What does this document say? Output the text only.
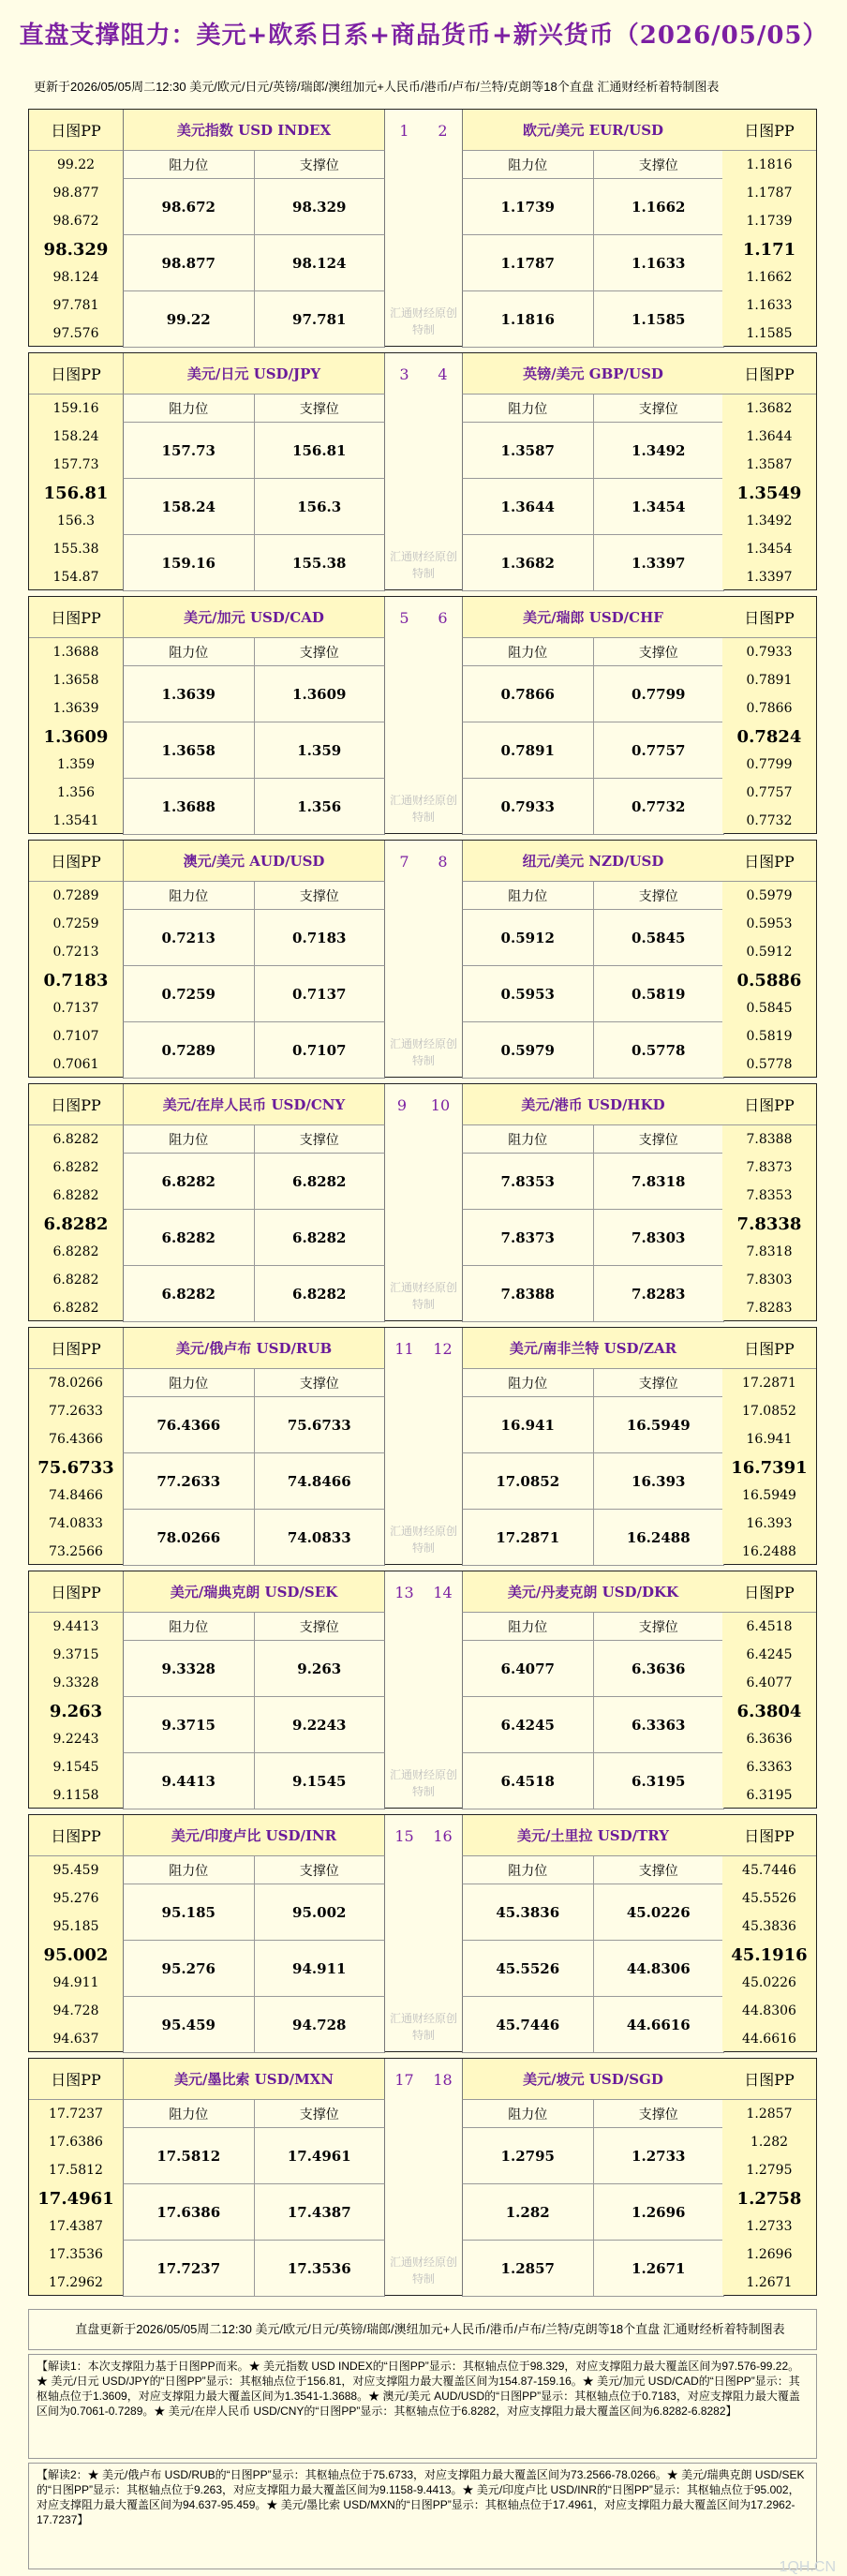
直盘支撑阻力：美元+欧系日系+商品货币+新兴货币（2026/05/05）
更新于2026/05/05周二12:30 美元/欧元/日元/英镑/瑞郎/澳纽加元+人民币/港币/卢布/兰特/克朗等18个直盘 汇通财经析着特制图表
日图PP
99.22
98.877
98.672
98.329
98.124
97.781
97.576
美元指数 USD INDEX
阻力位	支撑位
98.672	98.329
98.877	98.124
99.22	97.781
1 2
汇通财经原创特制
欧元/美元 EUR/USD
阻力位	支撑位
1.1739	1.1662
1.1787	1.1633
1.1816	1.1585
日图PP
1.1816
1.1787
1.1739
1.171
1.1662
1.1633
1.1585
日图PP
159.16
158.24
157.73
156.81
156.3
155.38
154.87
美元/日元 USD/JPY
阻力位	支撑位
157.73	156.81
158.24	156.3
159.16	155.38
3 4
汇通财经原创特制
英镑/美元 GBP/USD
阻力位	支撑位
1.3587	1.3492
1.3644	1.3454
1.3682	1.3397
日图PP
1.3682
1.3644
1.3587
1.3549
1.3492
1.3454
1.3397
日图PP
1.3688
1.3658
1.3639
1.3609
1.359
1.356
1.3541
美元/加元 USD/CAD
阻力位	支撑位
1.3639	1.3609
1.3658	1.359
1.3688	1.356
5 6
汇通财经原创特制
美元/瑞郎 USD/CHF
阻力位	支撑位
0.7866	0.7799
0.7891	0.7757
0.7933	0.7732
日图PP
0.7933
0.7891
0.7866
0.7824
0.7799
0.7757
0.7732
日图PP
0.7289
0.7259
0.7213
0.7183
0.7137
0.7107
0.7061
澳元/美元 AUD/USD
阻力位	支撑位
0.7213	0.7183
0.7259	0.7137
0.7289	0.7107
7 8
汇通财经原创特制
纽元/美元 NZD/USD
阻力位	支撑位
0.5912	0.5845
0.5953	0.5819
0.5979	0.5778
日图PP
0.5979
0.5953
0.5912
0.5886
0.5845
0.5819
0.5778
日图PP
6.8282
6.8282
6.8282
6.8282
6.8282
6.8282
6.8282
美元/在岸人民币 USD/CNY
阻力位	支撑位
6.8282	6.8282
6.8282	6.8282
6.8282	6.8282
9 10
汇通财经原创特制
美元/港币 USD/HKD
阻力位	支撑位
7.8353	7.8318
7.8373	7.8303
7.8388	7.8283
日图PP
7.8388
7.8373
7.8353
7.8338
7.8318
7.8303
7.8283
日图PP
78.0266
77.2633
76.4366
75.6733
74.8466
74.0833
73.2566
美元/俄卢布 USD/RUB
阻力位	支撑位
76.4366	75.6733
77.2633	74.8466
78.0266	74.0833
11 12
汇通财经原创特制
美元/南非兰特 USD/ZAR
阻力位	支撑位
16.941	16.5949
17.0852	16.393
17.2871	16.2488
日图PP
17.2871
17.0852
16.941
16.7391
16.5949
16.393
16.2488
日图PP
9.4413
9.3715
9.3328
9.263
9.2243
9.1545
9.1158
美元/瑞典克朗 USD/SEK
阻力位	支撑位
9.3328	9.263
9.3715	9.2243
9.4413	9.1545
13 14
汇通财经原创特制
美元/丹麦克朗 USD/DKK
阻力位	支撑位
6.4077	6.3636
6.4245	6.3363
6.4518	6.3195
日图PP
6.4518
6.4245
6.4077
6.3804
6.3636
6.3363
6.3195
日图PP
95.459
95.276
95.185
95.002
94.911
94.728
94.637
美元/印度卢比 USD/INR
阻力位	支撑位
95.185	95.002
95.276	94.911
95.459	94.728
15 16
汇通财经原创特制
美元/土里拉 USD/TRY
阻力位	支撑位
45.3836	45.0226
45.5526	44.8306
45.7446	44.6616
日图PP
45.7446
45.5526
45.3836
45.1916
45.0226
44.8306
44.6616
日图PP
17.7237
17.6386
17.5812
17.4961
17.4387
17.3536
17.2962
美元/墨比索 USD/MXN
阻力位	支撑位
17.5812	17.4961
17.6386	17.4387
17.7237	17.3536
17 18
汇通财经原创特制
美元/坡元 USD/SGD
阻力位	支撑位
1.2795	1.2733
1.282	1.2696
1.2857	1.2671
日图PP
1.2857
1.282
1.2795
1.2758
1.2733
1.2696
1.2671
直盘更新于2026/05/05周二12:30 美元/欧元/日元/英镑/瑞郎/澳纽加元+人民币/港币/卢布/兰特/克朗等18个直盘 汇通财经析着特制图表
【解读1：本次支撑阻力基于日图PP而来。★ 美元指数 USD INDEX的“日图PP”显示：其枢轴点位于98.329，对应支撑阻力最大覆盖区间为97.576-99.22。★ 美元/日元 USD/JPY的“日图PP”显示：其枢轴点位于156.81，对应支撑阻力最大覆盖区间为154.87-159.16。★ 美元/加元 USD/CAD的“日图PP”显示：其枢轴点位于1.3609，对应支撑阻力最大覆盖区间为1.3541-1.3688。★ 澳元/美元 AUD/USD的“日图PP”显示：其枢轴点位于0.7183，对应支撑阻力最大覆盖区间为0.7061-0.7289。★ 美元/在岸人民币 USD/CNY的“日图PP”显示：其枢轴点位于6.8282，对应支撑阻力最大覆盖区间为6.8282-6.8282】
【解读2：★ 美元/俄卢布 USD/RUB的“日图PP”显示：其枢轴点位于75.6733，对应支撑阻力最大覆盖区间为73.2566-78.0266。★ 美元/瑞典克朗 USD/SEK的“日图PP”显示：其枢轴点位于9.263，对应支撑阻力最大覆盖区间为9.1158-9.4413。★ 美元/印度卢比 USD/INR的“日图PP”显示：其枢轴点位于95.002，对应支撑阻力最大覆盖区间为94.637-95.459。★ 美元/墨比索 USD/MXN的“日图PP”显示：其枢轴点位于17.4961，对应支撑阻力最大覆盖区间为17.2962-17.7237】
1QH.CN
